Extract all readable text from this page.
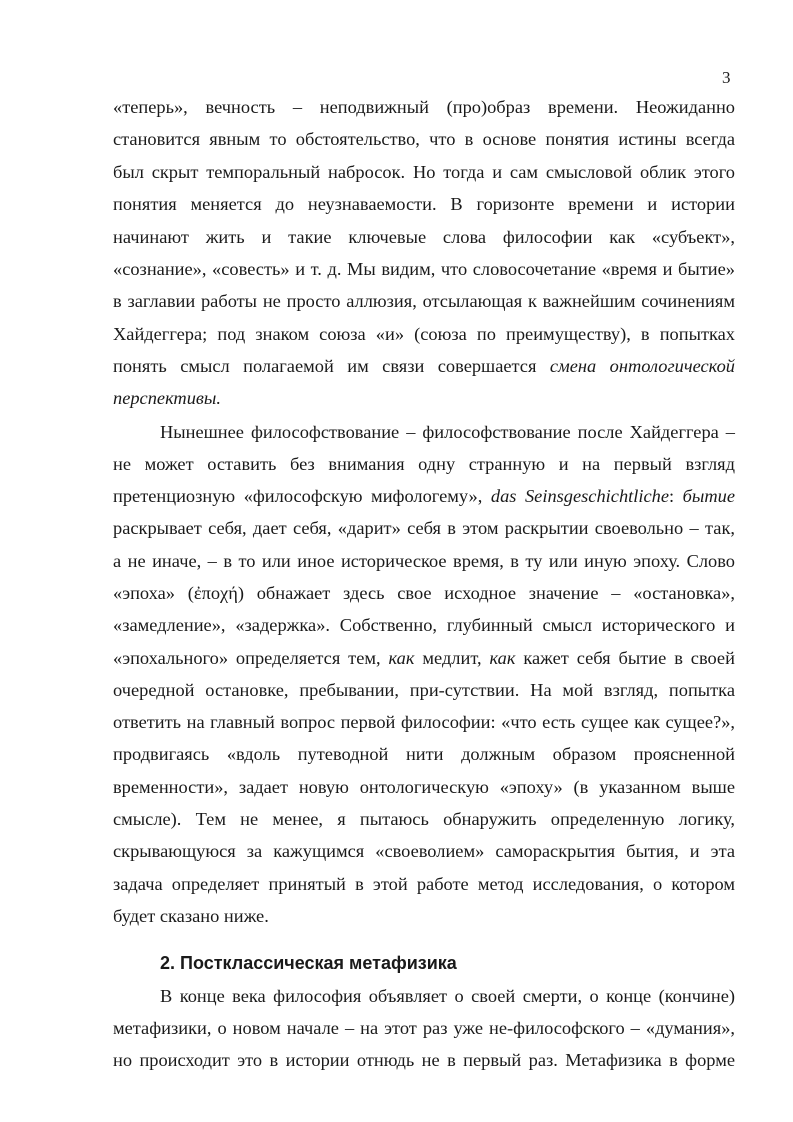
3
«теперь», вечность – неподвижный (про)образ времени. Неожиданно
становится явным то обстоятельство, что в основе понятия истины всегда
был скрыт темпоральный набросок. Но тогда и сам смысловой облик этого
понятия меняется до неузнаваемости. В горизонте времени и истории
начинают жить и такие ключевые слова философии как «субъект»,
«сознание», «совесть» и т. д. Мы видим, что словосочетание «время и бытие»
в заглавии работы не просто аллюзия, отсылающая к важнейшим сочинениям
Хайдеггера; под знаком союза «и» (союза по преимуществу), в попытках
понять смысл полагаемой им связи совершается смена онтологической
перспективы.
Нынешнее философствование – философствование после Хайдеггера –
не может оставить без внимания одну странную и на первый взгляд
претенциозную «философскую мифологему», das Seinsgeschichtliche: бытие
раскрывает себя, дает себя, «дарит» себя в этом раскрытии своевольно – так,
а не иначе, – в то или иное историческое время, в ту или иную эпоху. Слово
«эпоха» (ἐποχή) обнажает здесь свое исходное значение – «остановка»,
«замедление», «задержка». Собственно, глубинный смысл исторического и
«эпохального» определяется тем, как медлит, как кажет себя бытие в своей
очередной остановке, пребывании, при-сутствии. На мой взгляд, попытка
ответить на главный вопрос первой философии: «что есть сущее как сущее?»,
продвигаясь «вдоль путеводной нити должным образом проясненной
временности», задает новую онтологическую «эпоху» (в указанном выше
смысле). Тем не менее, я пытаюсь обнаружить определенную логику,
скрывающуюся за кажущимся «своеволием» самораскрытия бытия, и эта
задача определяет принятый в этой работе метод исследования, о котором
будет сказано ниже.
2. Постклассическая метафизика
В конце века философия объявляет о своей смерти, о конце (кончине)
метафизики, о новом начале – на этот раз уже не-философского – «думания»,
но происходит это в истории отнюдь не в первый раз. Метафизика в форме
